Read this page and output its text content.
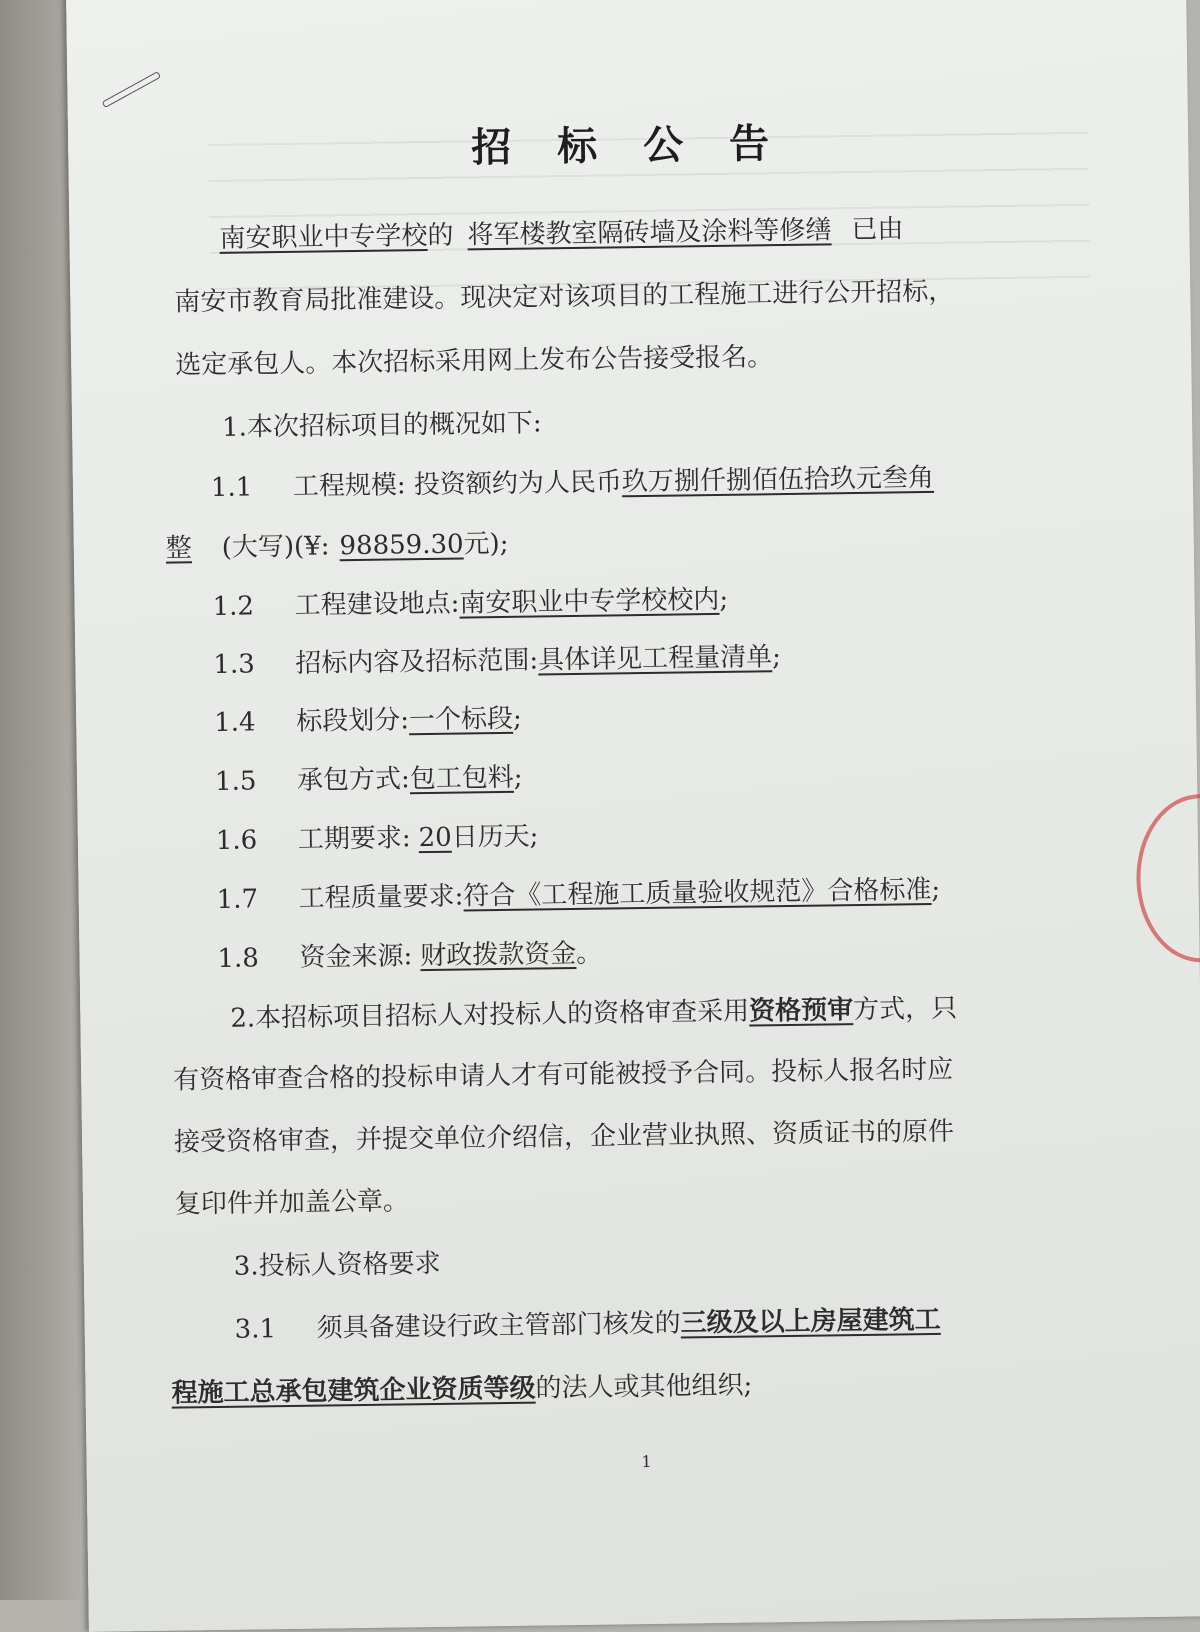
招 标 公 告
南安职业中专学校的 将军楼教室隔砖墙及涂料等修缮 已由
南安市教育局批准建设。现决定对该项目的工程施工进行公开招标，
选定承包人。本次招标采用网上发布公告接受报名。
1.本次招标项目的概况如下:
1.1 工程规模: 投资额约为人民币玖万捌仟捌佰伍拾玖元叁角
整 (大写)(¥: 98859.30元);
1.2 工程建设地点:南安职业中专学校校内;
1.3 招标内容及招标范围:具体详见工程量清单;
1.4 标段划分:一个标段;
1.5 承包方式:包工包料;
1.6 工期要求: 20日历天;
1.7 工程质量要求:符合《工程施工质量验收规范》合格标准;
1.8 资金来源: 财政拨款资金。
2.本招标项目招标人对投标人的资格审查采用资格预审方式，只
有资格审查合格的投标申请人才有可能被授予合同。投标人报名时应
接受资格审查，并提交单位介绍信，企业营业执照、资质证书的原件
复印件并加盖公章。
3.投标人资格要求
3.1 须具备建设行政主管部门核发的三级及以上房屋建筑工
程施工总承包建筑企业资质等级的法人或其他组织;
1
